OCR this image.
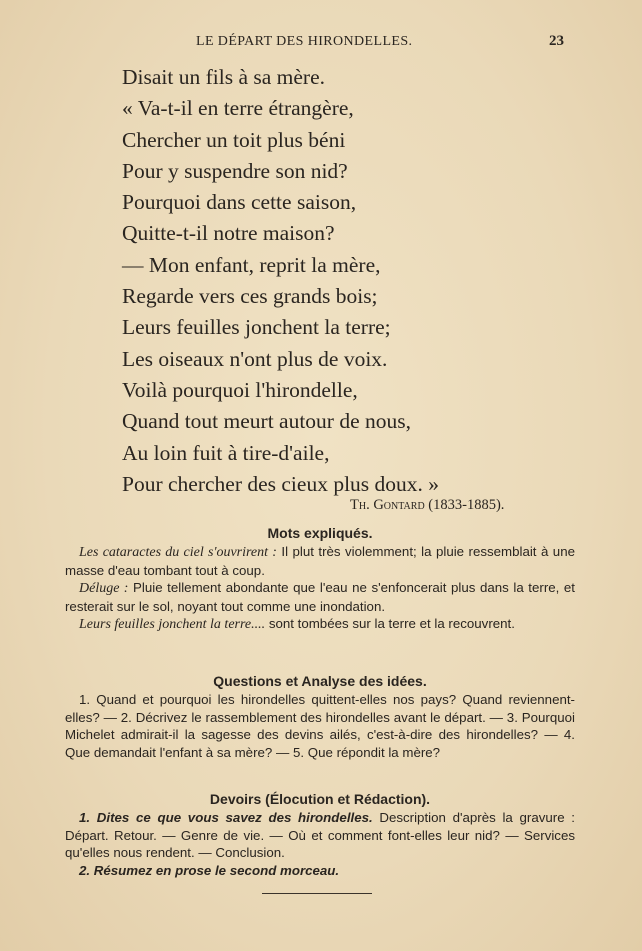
LE DÉPART DES HIRONDELLES.	23
Disait un fils à sa mère.
« Va-t-il en terre étrangère,
Chercher un toit plus béni
Pour y suspendre son nid?
Pourquoi dans cette saison,
Quitte-t-il notre maison?
— Mon enfant, reprit la mère,
Regarde vers ces grands bois;
Leurs feuilles jonchent la terre;
Les oiseaux n'ont plus de voix.
Voilà pourquoi l'hirondelle,
Quand tout meurt autour de nous,
Au loin fuit à tire-d'aile,
Pour chercher des cieux plus doux. »
Th. Gontard (1833-1885).
Mots expliqués.

Les cataractes du ciel s'ouvrirent : Il plut très violemment; la pluie ressemblait à une masse d'eau tombant tout à coup.

Déluge : Pluie tellement abondante que l'eau ne s'enfoncerait plus dans la terre, et resterait sur le sol, noyant tout comme une inondation.

Leurs feuilles jonchent la terre.... sont tombées sur la terre et la recouvrent.

Questions et Analyse des idées.

1. Quand et pourquoi les hirondelles quittent-elles nos pays? Quand reviennent-elles? — 2. Décrivez le rassemblement des hirondelles avant le départ. — 3. Pourquoi Michelet admirait-il la sagesse des devins ailés, c'est-à-dire des hirondelles? — 4. Que demandait l'enfant à sa mère? — 5. Que répondit la mère?

Devoirs (Élocution et Rédaction).

1. Dites ce que vous savez des hirondelles. Description d'après la gravure : Départ. Retour. — Genre de vie. — Où et comment font-elles leur nid? — Services qu'elles nous rendent. — Conclusion.

2. Résumez en prose le second morceau.
